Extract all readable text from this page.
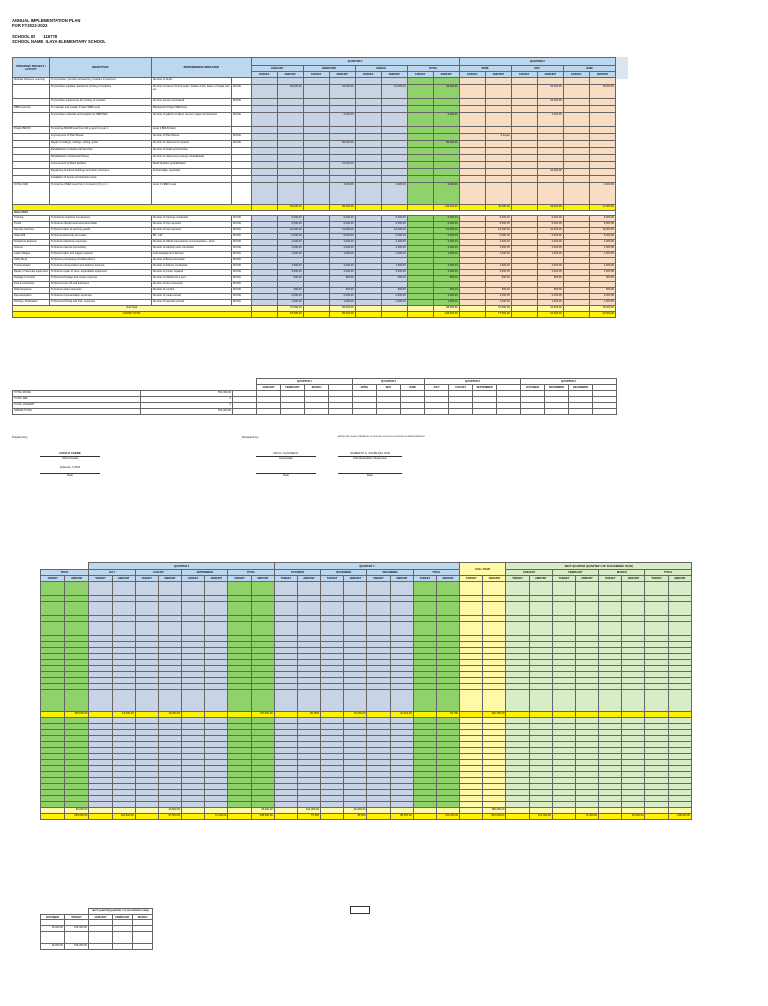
ANNUAL IMPLEMENTATION PLAN
FOR FY2022-2023
SCHOOL ID 116778
SCHOOL NAME ILAYA ELEMENTARY SCHOOL
PROGRAM / PROJECT / ACTIVITY	OBJECTIVES	PERFORMANCE INDICATOR		QUARTER 1								QUARTER 2					
				JANUARY		FEBRUARY		MARCH		TOTAL		APRIL		MAY		JUNE	
				TARGET	AMOUNT	TARGET	AMOUNT	TARGET	AMOUNT	TARGET	AMOUNT	TARGET	AMOUNT	TARGET	AMOUNT	TARGET	AMOUNT
Modular Distance Learning	To reproduce / provide self-learning modules for learners	Number of SLMs															
	To purchase supplies needed for printing of modules	Number of reams of bond paper, bottles of ink, Ream of staple wire etc.	MOOE		25,000.00		10,000.00		10,000.00		45,000.00				10,000.00		15,000.00
	To purchase equipments for printing of modules	Number printers purchased	MOOE												15,000.00		
SBM Level Up	To maintain and sustain 3 stars SBM Level	Maintained 3 Stars SBM level															
	To purchase materials and supplies for SBM Wall	Number of gallons of alkyd, cement, paper and plywood	MOOE				2,000.00				6,000.00				4,000.00		
Project BRUM	To improve BRUM level from 3/2 to good in year 1	Level 2 BRUM level															
	Improvement of Plant Boxes	Number of Plant Boxes	MOOE										6 boxes				
	Repair of ceilings, roofings, ceiling, gutter	Number of classrooms repaired	MOOE				50,000.00				50,000.00						
	Rehabilitation of desks and benches	Number of desks and benches															
	Rehabilitation of Electrical Wiring	Number of classrooms (wirings rehabilitated)															
	Improvement of Wash facilities	Wash facilities perhabilitated					10,000.00										
	Repainting of school buildings and other structures	School bldgs. repainted													10,000.00		
	Installation of fences and bamboo stops																
Oh My OAD	To improve CMEF level from 1 to level (1) by yr. 1	Level 2 CMEF Level					3,000.00		3,000.00		9,000.00						2,000.00
					50,000.00		95,000.00				149,000.00		40,000.00		33,000.00		17,000.00
Other PAPs																	
Training	To Enhance teachers competence	Number of trainings conducted	MOOE		5,000.00		5,000.00		5,000.00		5,000.00		5,000.00		5,000.00		5,000.00
Travel	To finance official travel and transmittals	Number of trips reported	MOOE		5,000.00		5,000.00		5,000.00		5,000.00		5,000.00		5,000.00		5,000.00
Security Services	To finance labor of security guards	Number of trips reported	MOOE		10,000.00		10,000.00		10,000.00		10,000.00		10,000.00		10,000.00		10,000.00
Water Bill	To finance Electricity and water	Bill - kW	MOOE		5,000.00		5,000.00		5,000.00		5,000.00		5,000.00		5,000.00		5,000.00
Telephone Expense	To finance telephone expenses	Number of official transactions/ communication - done	MOOE		1,000.00		1,000.00		1,000.00		1,000.00		1,000.00		1,000.00		1,000.00
Internet	To finance internet connectivity	Number of teachers who connected	MOOE		2,000.00		2,000.00		2,000.00		2,000.00		2,000.00		2,000.00		2,000.00
Labor/ Wages	To finance labor and wages expense	Acknowledgement Receipt	MOOE		1,000.00		1,000.00		1,000.00		1,000.00		1,000.00		1,000.00		1,000.00
Utility Bond	To finance processing of Fidelity Bond	Number of Bond processed	MOOE														
Transportation	To finance transportation and delivery expense	Number of delivery conducted	MOOE		1,500.00		1,500.00		1,500.00		1,500.00		1,500.00		1,500.00		1,500.00
Repair of Semi-Ex equipment	To finance repair of semi- expendable equipment	Number of printer repaired	MOOE		3,000.00		3,000.00		3,000.00		3,000.00		3,000.00		3,000.00		3,000.00
Postage & Courier	To finance Postage and courier expense	Number of official forms sent	MOOE		500.00		500.00		500.00		500.00		500.00		500.00		500.00
Fuel & Lubricants	To finance fuel, Oil and lubricants	Number of liter consumed	MOOE														
Water Expense	To finance water expenses	Number of months	MOOE		500.00		500.00		500.00		500.00		500.00		500.00		500.00
Representation	To finance representation expenses	Number of meals served	MOOE		2,000.00		2,000.00		2,000.00		2,000.00		2,000.00		2,000.00		2,000.00
Printing / Publication	To finance Printing and Pub. expenses	Number of tarpaulin printed	MOOE		1,000.00		1,000.00		1,000.00		1,000.00		1,000.00		1,000.00		1,000.00
Sub Total					37,500.00		50,000.00				98,500.00		37,500.00		31,500.00		16,500.00
GRAND TOTAL					87,500.00		95,000.00				248,000.00		77,500.00		64,500.00		33,500.00
			QUARTER 1				QUARTER 2			QUARTER 3				QUARTER 4			
			JANUARY	FEBRUARY	MARCH		APRIL	MAY	JUNE	JULY	AUGUST	SEPTEMBER		OCTOBER	NOVEMBER	DECEMBER	
TOTAL MOOE	551,000.00																
TOTAL SEF	0																
TOTAL OTHERS*	0																
GRAND TOTAL	551,000.00																
Prepared by:	Reviewed by:	APPROVED IN ACCORDANCE OF THE SDS SCHOOLS DIVISION SUPERINTENDENT
CONA P. FABRE
School Head
February 7,2022
Date
MAYO, CLAVINE M.
Accountant
Date
GILBERTO S. SOUBLINO, PhD
Chief Education Supervisor
Date
		QUARTER 3								QUARTER 4								FULL YEAR		NEXT QUARTER (QUARTER 1 OF SUCCEEDING YEAR)							
TOTAL		JULY		AUGUST		SEPTEMBER		TOTAL		OCTOBER		NOVEMBER		DECEMBER		TOTAL				JANUARY		FEBRUARY		MARCH		TOTAL	
TARGET	AMOUNT	TARGET	AMOUNT	TARGET	AMOUNT	TARGET	AMOUNT	TARGET	AMOUNT	TARGET	AMOUNT	TARGET	AMOUNT	TARGET	AMOUNT	TARGET	AMOUNT	TARGET	AMOUNT	TARGET	AMOUNT	TARGET	AMOUNT	TARGET	AMOUNT	TARGET	AMOUNT

	155,000.00		16,000.00		16,000.00				137,000.00		18,7500		15,000.00		10,000.00		92,750		490,750.00								

	96,000.00				16,500.00				78,000.00		101,000.00		62,000.00						180,250.00								
	259,000.00		118,000.00		97,500.00		73,100.00		238,600.00		57,900		86,500		58,050.00		152,250.00		961,000.00		101,000.00		72,400.00		62,000.00		238,900.00
		NEXT QUARTER(QUARTER 1 OF SUCCEEDING YEAR)		
OCTOBER	TARGET	JANUARY	FEBRUARY	MARCH

16,000.00	155,000.00			

16,000.00	155,250.00			
